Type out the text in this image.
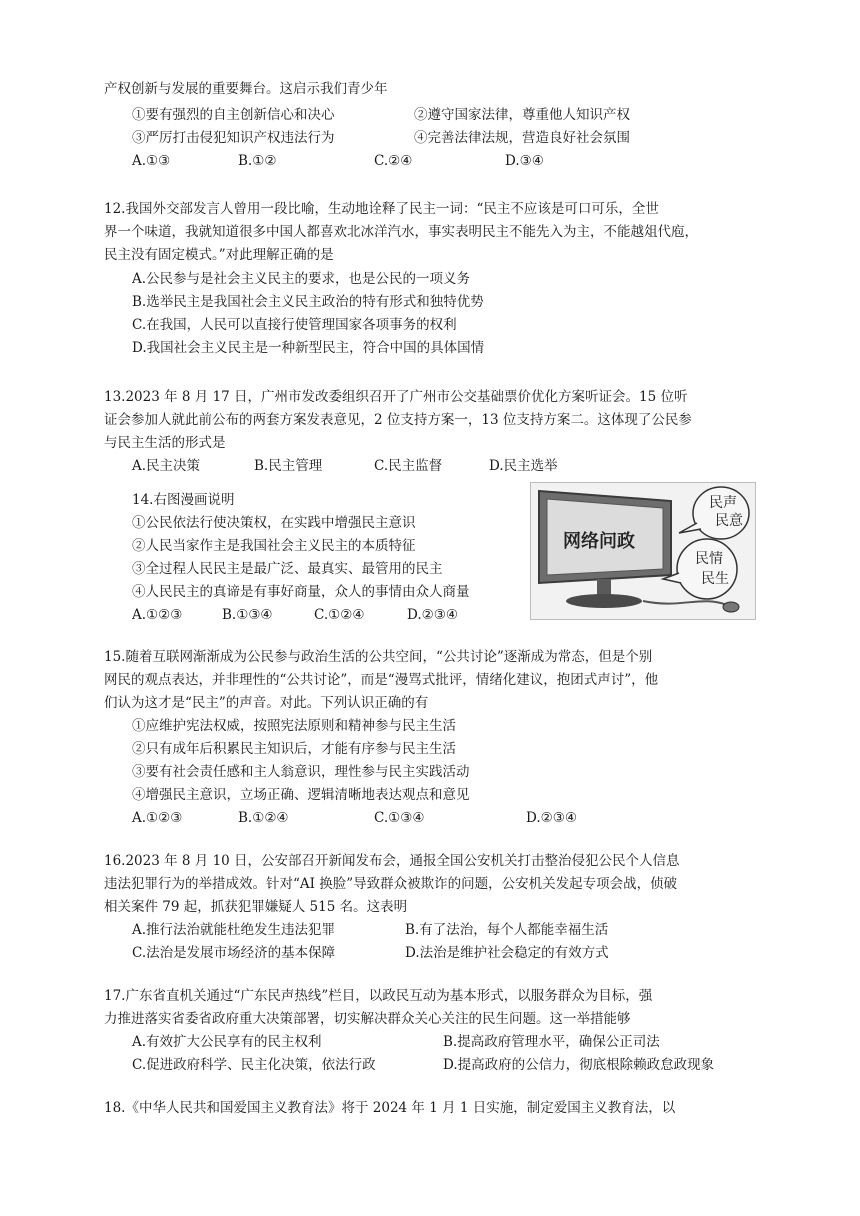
产权创新与发展的重要舞台。这启示我们青少年
①要有强烈的自主创新信心和决心	②遵守国家法律，尊重他人知识产权
③严厉打击侵犯知识产权违法行为	④完善法律法规，营造良好社会氛围
A.①③	B.①②	C.②④	D.③④
12.我国外交部发言人曾用一段比喻，生动地诠释了民主一词：“民主不应该是可口可乐，全世
界一个味道，我就知道很多中国人都喜欢北冰洋汽水，事实表明民主不能先入为主，不能越俎代庖，
民主没有固定模式。”对此理解正确的是
A.公民参与是社会主义民主的要求，也是公民的一项义务
B.选举民主是我国社会主义民主政治的特有形式和独特优势
C.在我国，人民可以直接行使管理国家各项事务的权利
D.我国社会主义民主是一种新型民主，符合中国的具体国情
13.2023 年 8 月 17 日，广州市发改委组织召开了广州市公交基础票价优化方案听证会。15 位听
证会参加人就此前公布的两套方案发表意见，2 位支持方案一，13 位支持方案二。这体现了公民参
与民主生活的形式是
A.民主决策	B.民主管理	C.民主监督	D.民主选举
14.右图漫画说明
①公民依法行使决策权，在实践中增强民主意识
②人民当家作主是我国社会主义民主的本质特征
③全过程人民民主是最广泛、最真实、最管用的民主
④人民民主的真谛是有事好商量，众人的事情由众人商量
A.①②③	B.①③④	C.①②④	D.②③④
网络问政
民声
民意
民情
民生
15.随着互联网渐渐成为公民参与政治生活的公共空间，“公共讨论”逐渐成为常态，但是个别
网民的观点表达，并非理性的“公共讨论”，而是“漫骂式批评，情绪化建议，抱团式声讨”，他
们认为这才是“民主”的声音。对此。下列认识正确的有
①应维护宪法权威，按照宪法原则和精神参与民主生活
②只有成年后积累民主知识后，才能有序参与民主生活
③要有社会责任感和主人翁意识，理性参与民主实践活动
④增强民主意识，立场正确、逻辑清晰地表达观点和意见
A.①②③	B.①②④	C.①③④	D.②③④
16.2023 年 8 月 10 日，公安部召开新闻发布会，通报全国公安机关打击整治侵犯公民个人信息
违法犯罪行为的举措成效。针对“AI 换脸”导致群众被欺诈的问题，公安机关发起专项会战，侦破
相关案件 79 起，抓获犯罪嫌疑人 515 名。这表明
A.推行法治就能杜绝发生违法犯罪	B.有了法治，每个人都能幸福生活
C.法治是发展市场经济的基本保障	D.法治是维护社会稳定的有效方式
17.广东省直机关通过“广东民声热线”栏目，以政民互动为基本形式，以服务群众为目标，强
力推进落实省委省政府重大决策部署，切实解决群众关心关注的民生问题。这一举措能够
A.有效扩大公民享有的民主权利	B.提高政府管理水平，确保公正司法
C.促进政府科学、民主化决策，依法行政	D.提高政府的公信力，彻底根除赖政怠政现象
18.《中华人民共和国爱国主义教育法》将于 2024 年 1 月 1 日实施，制定爱国主义教育法，以
